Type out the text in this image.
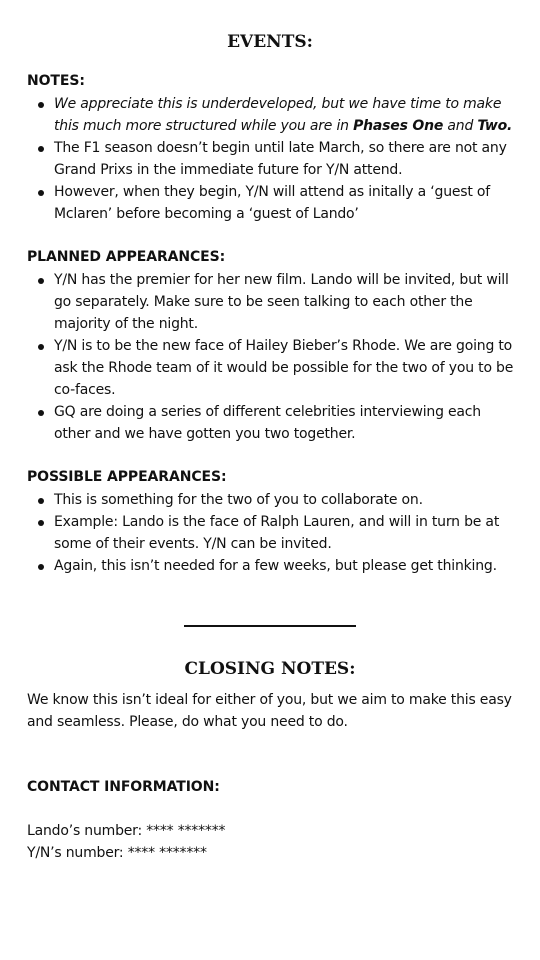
EVENTS:

NOTES:

We appreciate this is underdeveloped, but we have time to make this much more structured while you are in Phases One and Two.
The F1 season doesn’t begin until late March, so there are not any Grand Prixs in the immediate future for Y/N attend.
However, when they begin, Y/N will attend as initally a ‘guest of Mclaren’ before becoming a ‘guest of Lando’

PLANNED APPEARANCES:

Y/N has the premier for her new film. Lando will be invited, but will go separately. Make sure to be seen talking to each other the majority of the night.
Y/N is to be the new face of Hailey Bieber’s Rhode. We are going to ask the Rhode team of it would be possible for the two of you to be co-faces.
GQ are doing a series of different celebrities interviewing each other and we have gotten you two together.

POSSIBLE APPEARANCES:

This is something for the two of you to collaborate on.
Example: Lando is the face of Ralph Lauren, and will in turn be at some of their events. Y/N can be invited.
Again, this isn’t needed for a few weeks, but please get thinking.
CLOSING NOTES:

We know this isn’t ideal for either of you, but we aim to make this easy and seamless. Please, do what you need to do.

CONTACT INFORMATION:

Lando’s number: **** *******

Y/N’s number: **** *******
